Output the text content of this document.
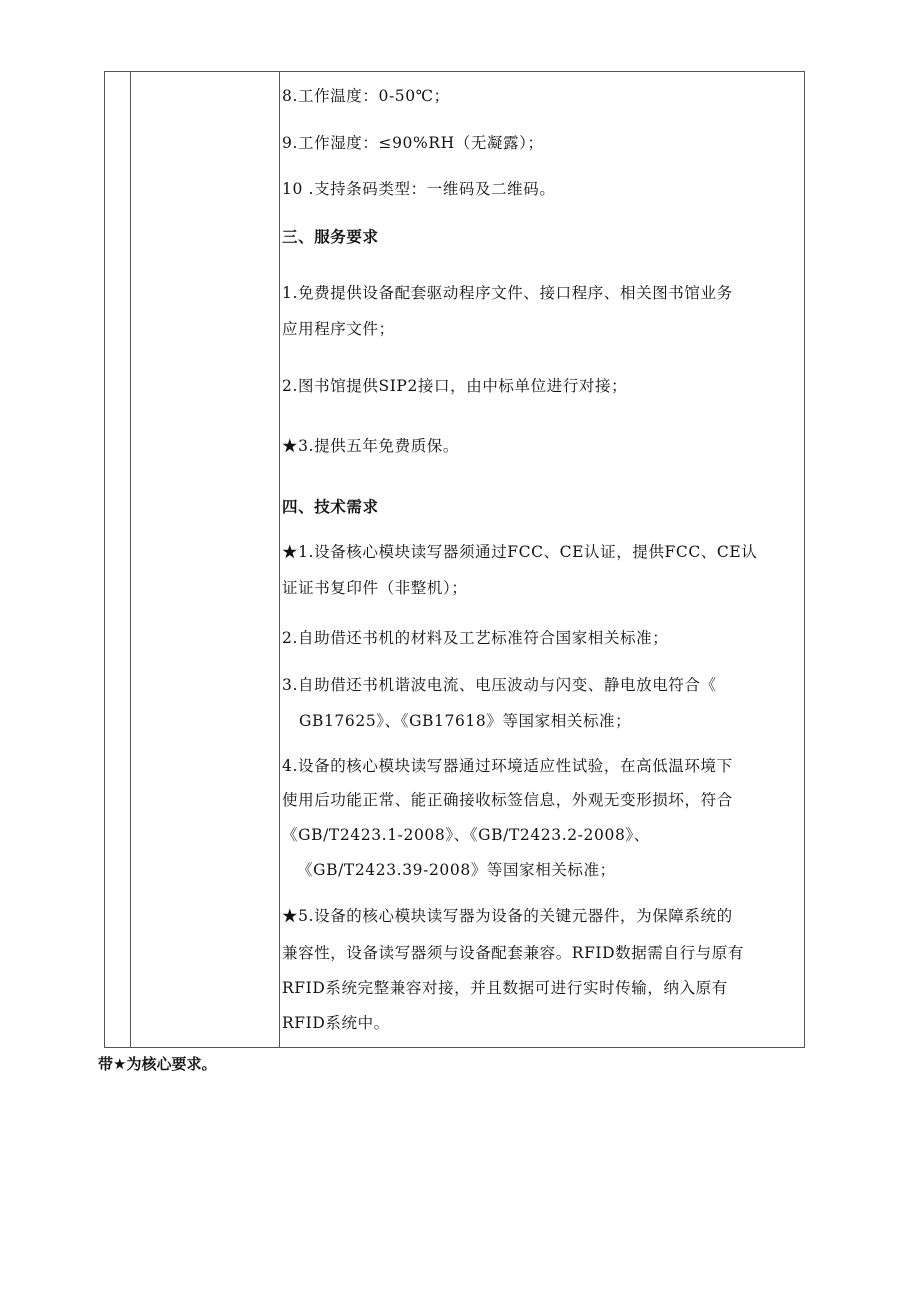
8.工作温度：0-50℃；
9.工作湿度：≤90%RH（无凝露）；
10 .支持条码类型：一维码及二维码。
三、服务要求
1.免费提供设备配套驱动程序文件、接口程序、相关图书馆业务
应用程序文件；
2.图书馆提供SIP2接口，由中标单位进行对接；
★3.提供五年免费质保。
四、技术需求
★1.设备核心模块读写器须通过FCC、CE认证，提供FCC、CE认
证证书复印件（非整机）；
2.自助借还书机的材料及工艺标准符合国家相关标准；
3.自助借还书机谐波电流、电压波动与闪变、静电放电符合《
GB17625》、《GB17618》等国家相关标准；
4.设备的核心模块读写器通过环境适应性试验，在高低温环境下
使用后功能正常、能正确接收标签信息，外观无变形损坏，符合
《GB/T2423.1-2008》、《GB/T2423.2-2008》、
《GB/T2423.39-2008》等国家相关标准；
★5.设备的核心模块读写器为设备的关键元器件，为保障系统的
兼容性，设备读写器须与设备配套兼容。RFID数据需自行与原有
RFID系统完整兼容对接，并且数据可进行实时传输，纳入原有
RFID系统中。
带★为核心要求。
